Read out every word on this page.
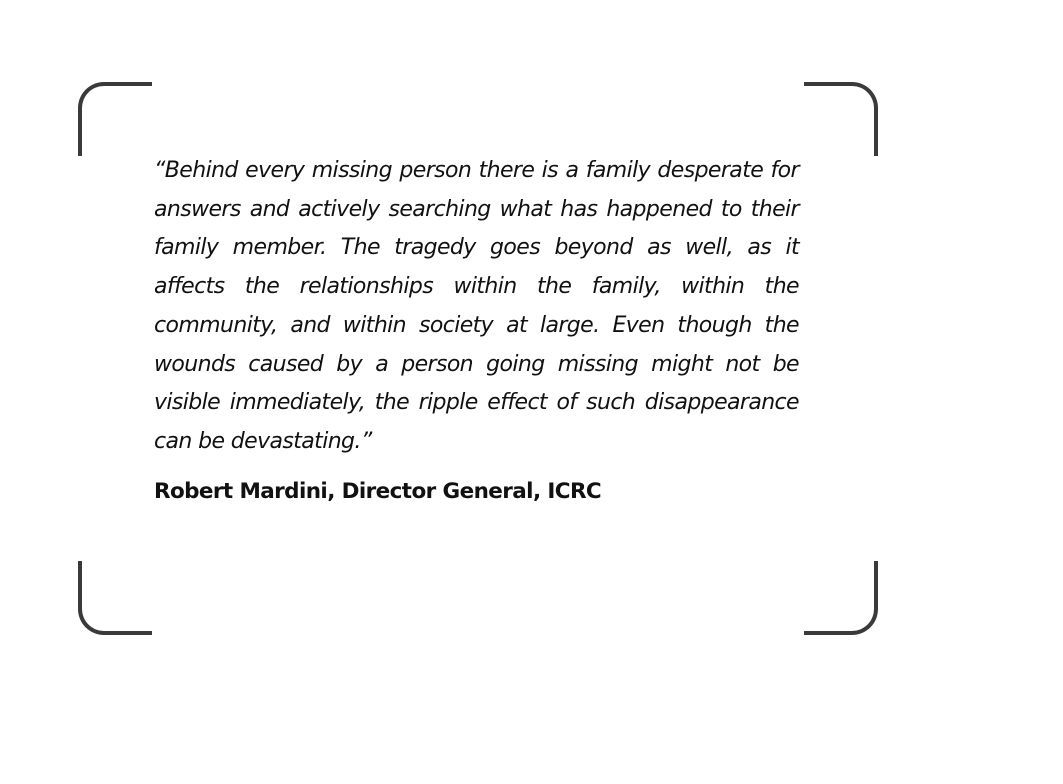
“Behind every missing person there is a family desperate for answers and actively searching what has happened to their family member. The tragedy goes beyond as well, as it affects the relationships within the family, within the community, and within society at large. Even though the wounds caused by a person going missing might not be visible immediately, the ripple effect of such disappearance can be devastating.”

Robert Mardini, Director General, ICRC
